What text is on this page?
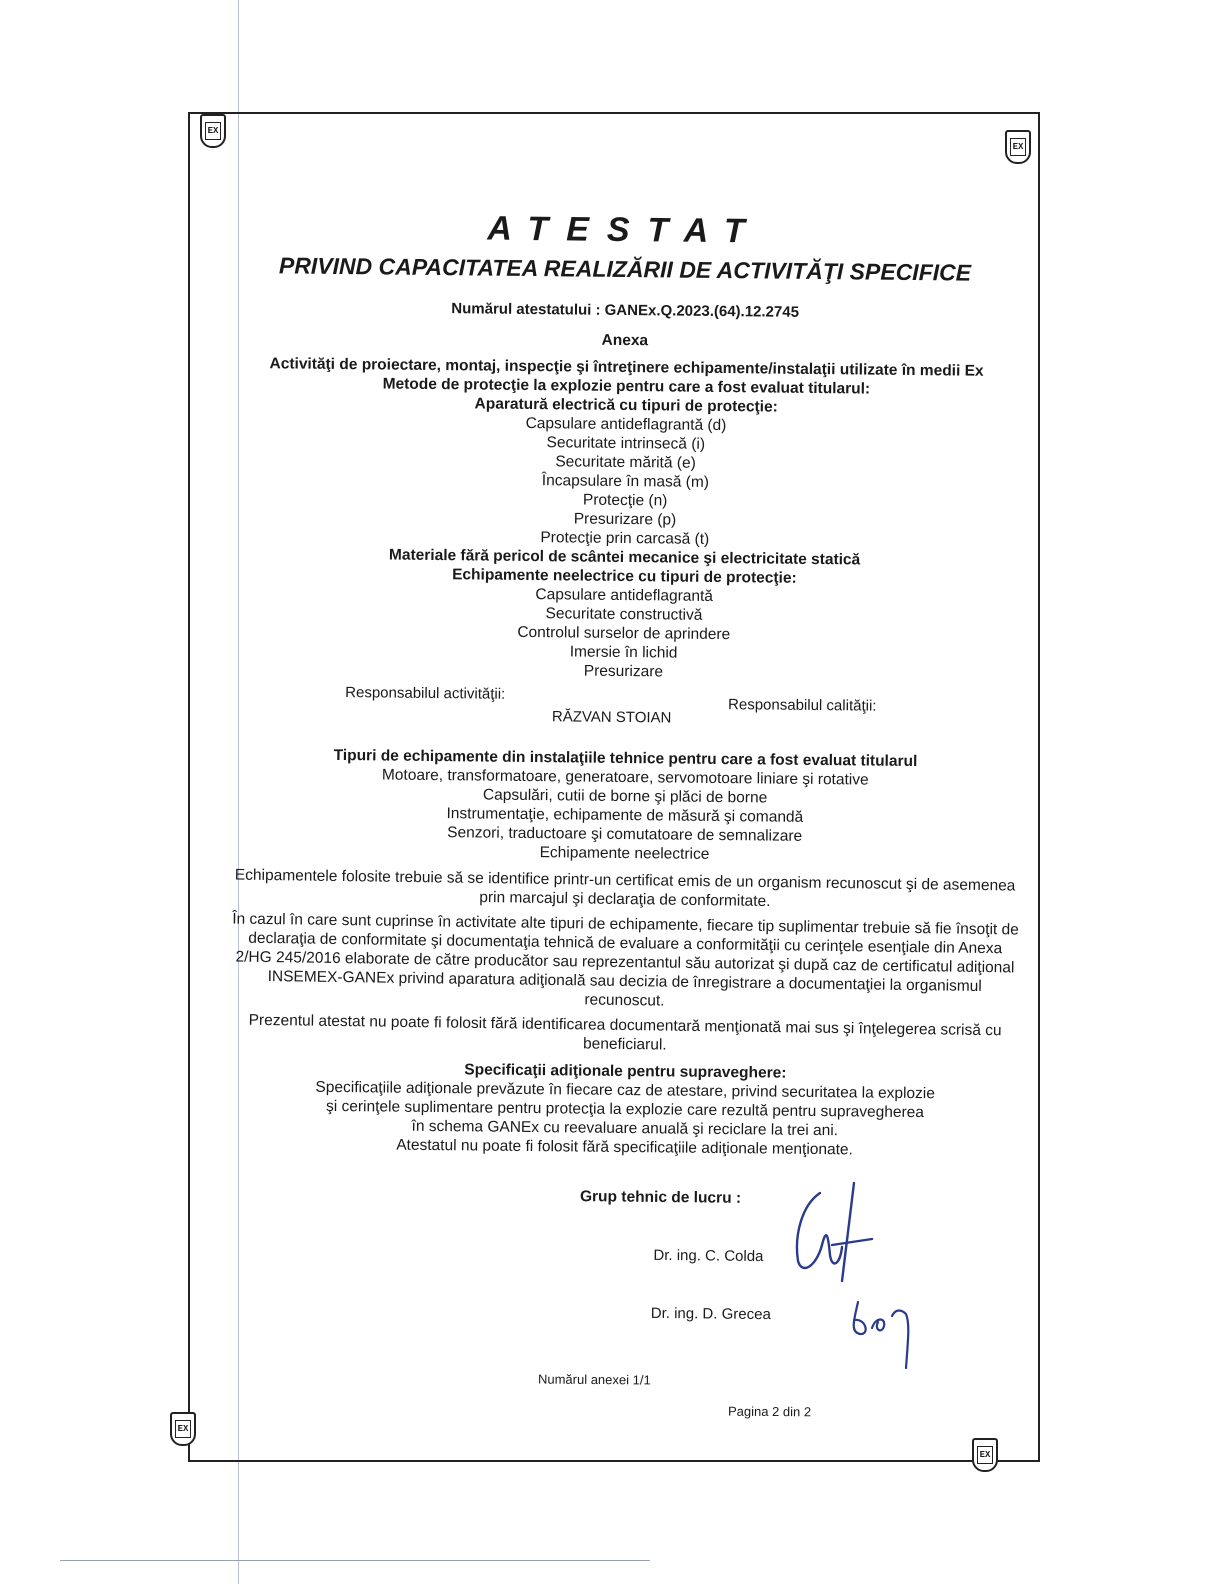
EX
EX
EX
EX
ATESTAT
PRIVIND CAPACITATEA REALIZĂRII DE ACTIVITĂŢI SPECIFICE
Numărul atestatului : GANEx.Q.2023.(64).12.2745
Anexa
Activităţi de proiectare, montaj, inspecţie şi întreţinere echipamente/instalaţii utilizate în medii Ex
Metode de protecţie la explozie pentru care a fost evaluat titularul:
Aparatură electrică cu tipuri de protecţie:
Capsulare antideflagrantă (d)
Securitate intrinsecă (i)
Securitate mărită (e)
Încapsulare în masă (m)
Protecţie (n)
Presurizare (p)
Protecţie prin carcasă (t)
Materiale fără pericol de scântei mecanice şi electricitate statică
Echipamente neelectrice cu tipuri de protecţie:
Capsulare antideflagrantă
Securitate constructivă
Controlul surselor de aprindere
Imersie în lichid
Presurizare
Responsabilul activităţii:
Responsabilul calităţii:
RĂZVAN STOIAN
Tipuri de echipamente din instalaţiile tehnice pentru care a fost evaluat titularul
Motoare, transformatoare, generatoare, servomotoare liniare şi rotative
Capsulări, cutii de borne şi plăci de borne
Instrumentaţie, echipamente de măsură şi comandă
Senzori, traductoare şi comutatoare de semnalizare
Echipamente neelectrice
Echipamentele folosite trebuie să se identifice printr-un certificat emis de un organism recunoscut şi de asemenea prin marcajul şi declaraţia de conformitate.
În cazul în care sunt cuprinse în activitate alte tipuri de echipamente, fiecare tip suplimentar trebuie să fie însoţit de declaraţia de conformitate şi documentaţia tehnică de evaluare a conformităţii cu cerinţele esenţiale din Anexa 2/HG 245/2016 elaborate de către producător sau reprezentantul său autorizat şi după caz de certificatul adiţional INSEMEX-GANEx privind aparatura adiţională sau decizia de înregistrare a documentaţiei la organismul recunoscut.
Prezentul atestat nu poate fi folosit fără identificarea documentară menţionată mai sus şi înţelegerea scrisă cu beneficiarul.
Specificaţii adiţionale pentru supraveghere:
Specificaţiile adiţionale prevăzute în fiecare caz de atestare, privind securitatea la explozie
şi cerinţele suplimentare pentru protecţia la explozie care rezultă pentru supravegherea
în schema GANEx cu reevaluare anuală şi reciclare la trei ani.
Atestatul nu poate fi folosit fără specificaţiile adiţionale menţionate.
Grup tehnic de lucru :
Dr. ing. C. Colda
Dr. ing. D. Grecea
Numărul anexei 1/1
Pagina 2 din 2
